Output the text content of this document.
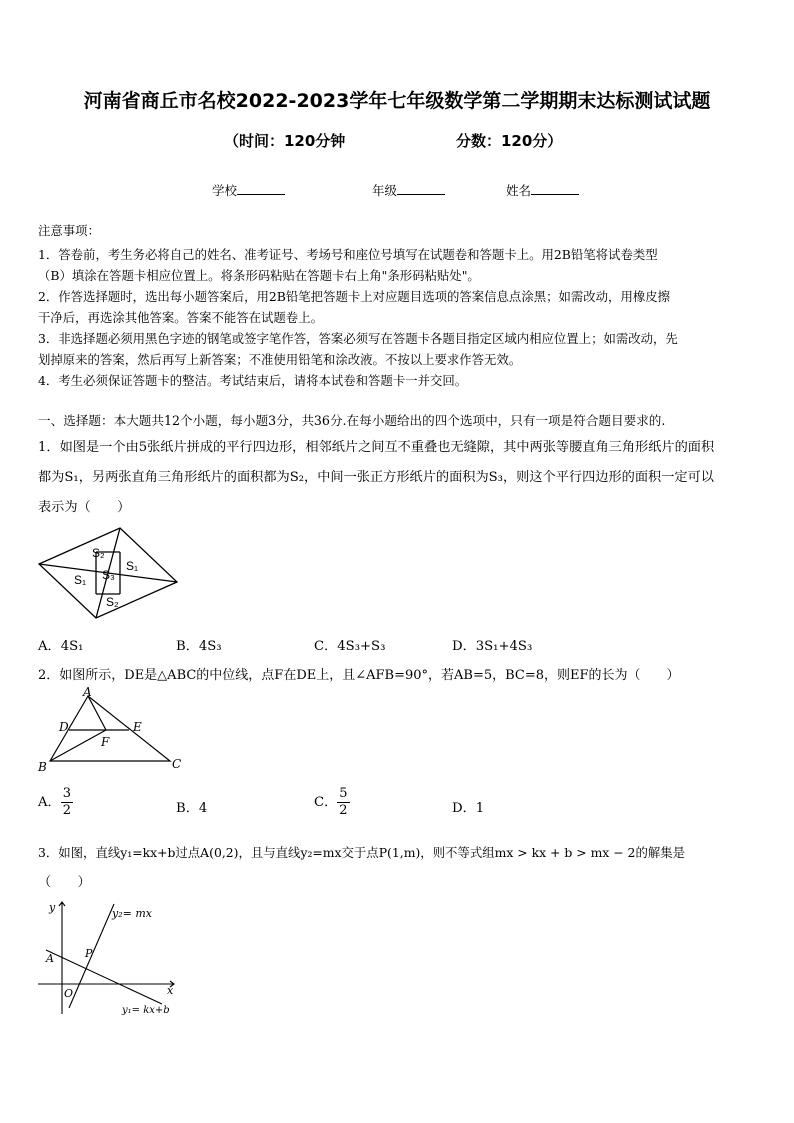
河南省商丘市名校2022-2023学年七年级数学第二学期期末达标测试试题
（时间：120分钟	分数：120分）
学校	年级	姓名
注意事项：
1．答卷前，考生务必将自己的姓名、准考证号、考场号和座位号填写在试题卷和答题卡上。用2B铅笔将试卷类型
（B）填涂在答题卡相应位置上。将条形码粘贴在答题卡右上角"条形码粘贴处"。
2．作答选择题时，选出每小题答案后，用2B铅笔把答题卡上对应题目选项的答案信息点涂黑；如需改动，用橡皮擦
干净后，再选涂其他答案。答案不能答在试题卷上。
3．非选择题必须用黑色字迹的钢笔或签字笔作答，答案必须写在答题卡各题目指定区域内相应位置上；如需改动，先
划掉原来的答案，然后再写上新答案；不准使用铅笔和涂改液。不按以上要求作答无效。
4．考生必须保证答题卡的整洁。考试结束后，请将本试卷和答题卡一并交回。
一、选择题：本大题共12个小题，每小题3分，共36分.在每小题给出的四个选项中，只有一项是符合题目要求的.
1．如图是一个由5张纸片拼成的平行四边形，相邻纸片之间互不重叠也无缝隙，其中两张等腰直角三角形纸片的面积
都为S₁，另两张直角三角形纸片的面积都为S₂，中间一张正方形纸片的面积为S₃，则这个平行四边形的面积一定可以
表示为（　　）
S₂
S₁
S₃
S₁
S₂
A．4S₁	B．4S₃	C．4S₃+S₃	D．3S₁+4S₃
2．如图所示，DE是△ABC的中位线，点F在DE上，且∠AFB=90°，若AB=5，BC=8，则EF的长为（　　）
A
D	E
F
B	C
A． $\frac{3}{2}$	B．4	C． $\frac{5}{2}$	D．1
3．如图，直线y₁=kx+b过点A(0,2)，且与直线y₂=mx交于点P(1,m)，则不等式组mx > kx + b > mx − 2的解集是
（　　）
y	y₂= mx
A	P
O	x
y₁= kx+b
